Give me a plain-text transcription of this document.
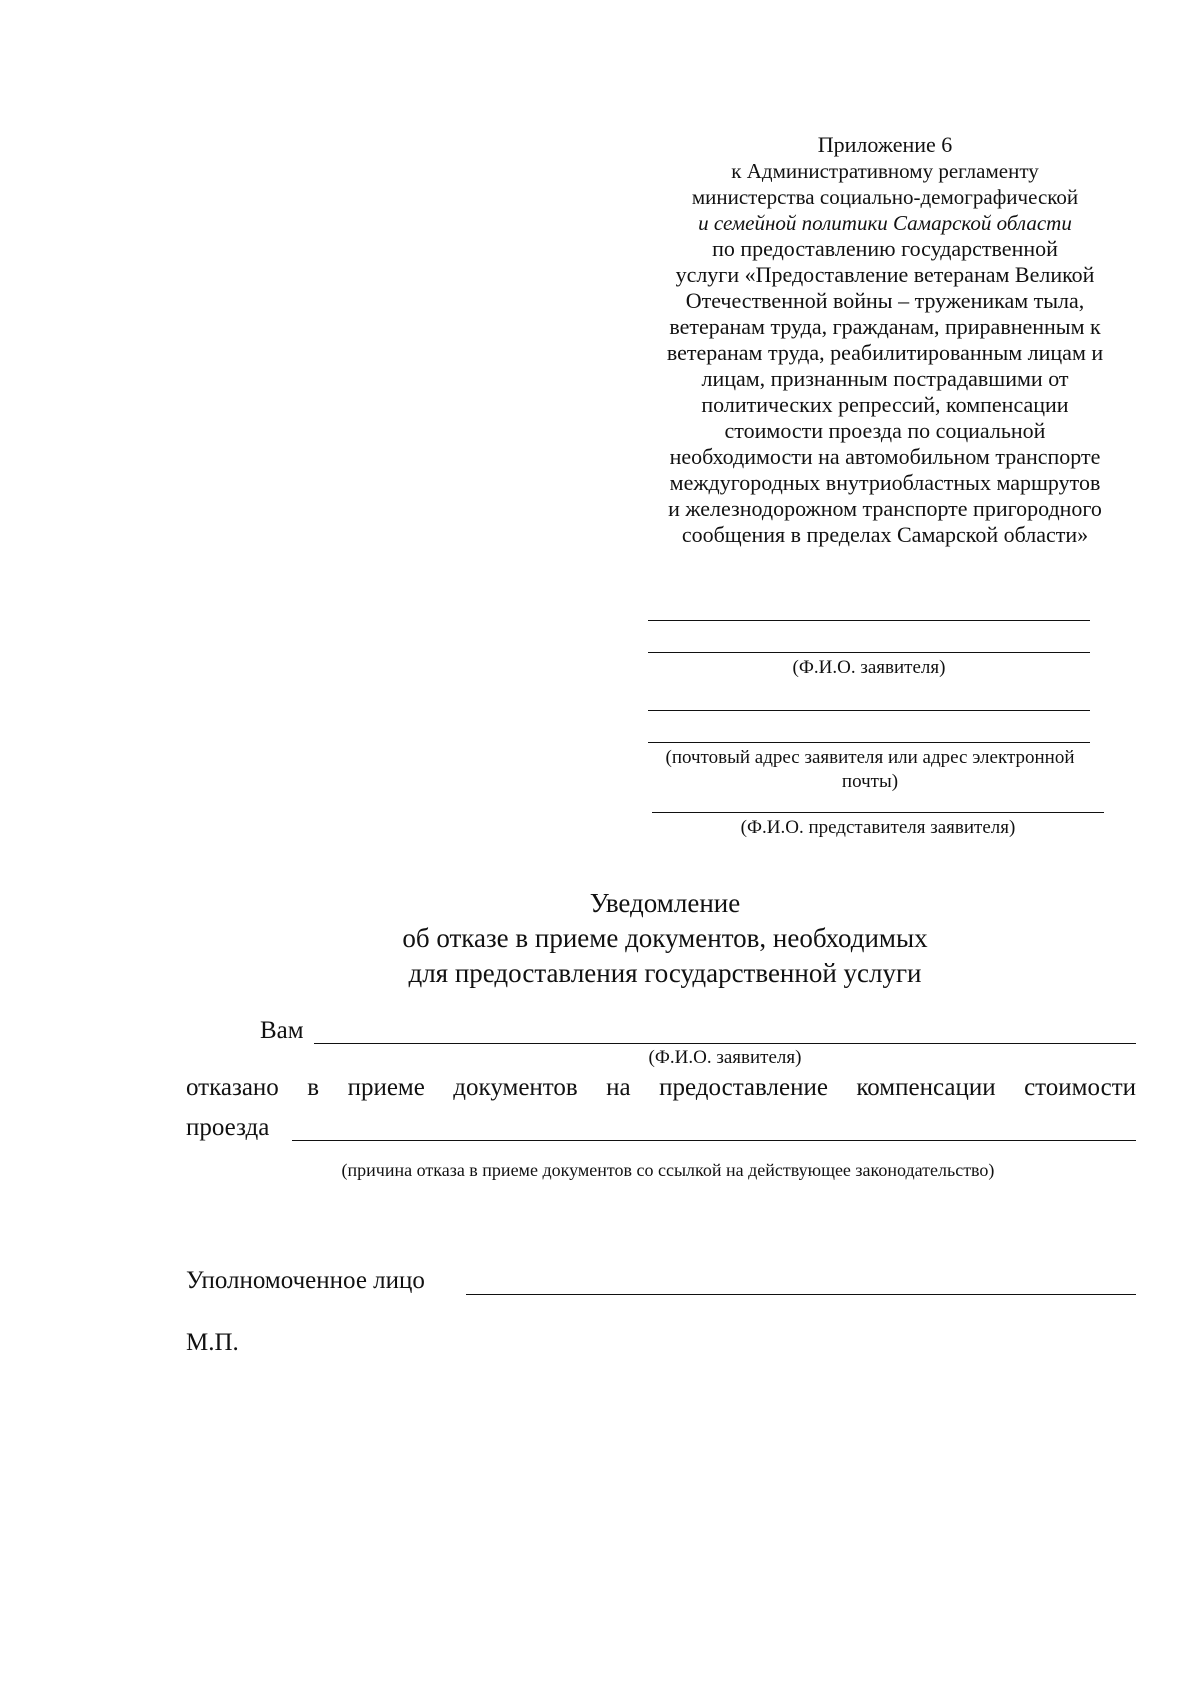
Приложение 6
к Административному регламенту
министерства социально-демографической
и семейной политики Самарской области
по предоставлению государственной
услуги «Предоставление ветеранам Великой
Отечественной войны – труженикам тыла,
ветеранам труда, гражданам, приравненным к
ветеранам труда, реабилитированным лицам и
лицам, признанным пострадавшими от
политических репрессий, компенсации
стоимости проезда по социальной
необходимости на автомобильном транспорте
междугородных внутриобластных маршрутов
и железнодорожном транспорте пригородного
сообщения в пределах Самарской области»
(Ф.И.О. заявителя)
(почтовый адрес заявителя или адрес электронной
почты)
(Ф.И.О. представителя заявителя)
Уведомление
об отказе в приеме документов, необходимых
для предоставления государственной услуги
Вам
(Ф.И.О. заявителя)
отказано в приеме документов на предоставление компенсации стоимости
проезда
(причина отказа в приеме документов со ссылкой на действующее законодательство)
Уполномоченное лицо
М.П.
